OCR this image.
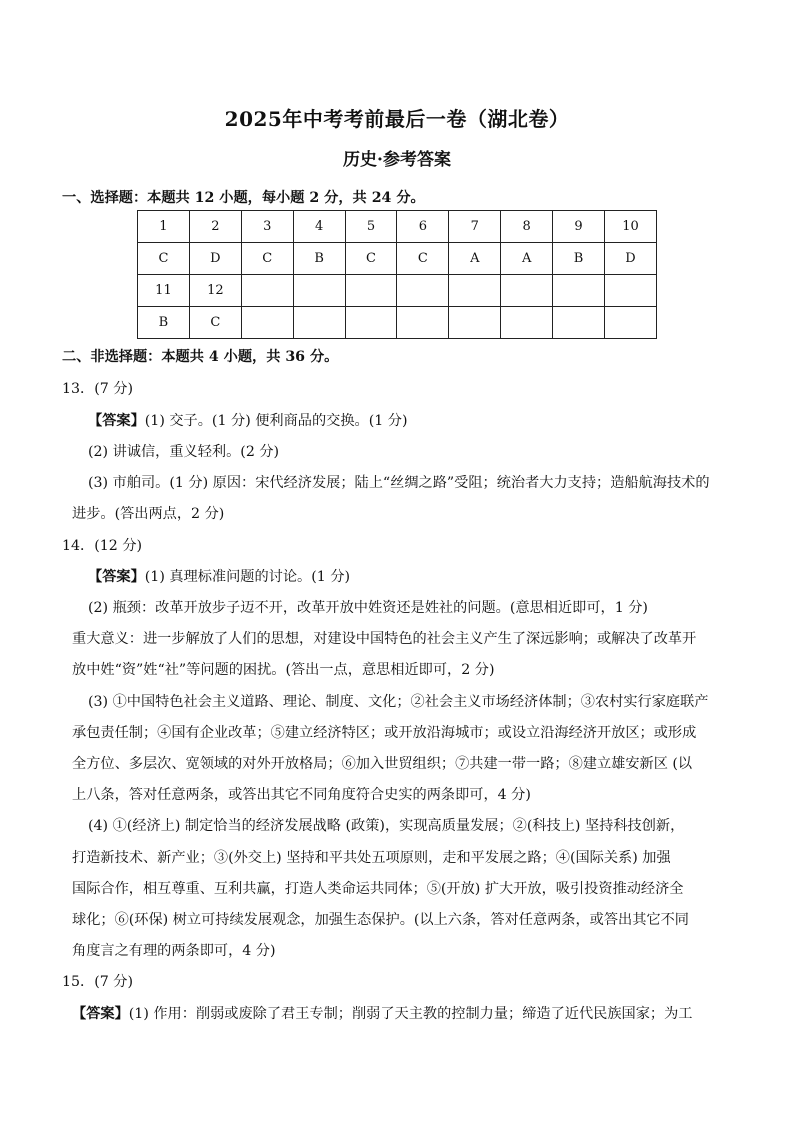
2025年中考考前最后一卷（湖北卷）
历史·参考答案
一、选择题：本题共 12 小题，每小题 2 分，共 24 分。
1	2	3	4	5	6	7	8	9	10
C	D	C	B	C	C	A	A	B	D
11	12								
B	C								
二、非选择题：本题共 4 小题，共 36 分。
13．(7 分)
【答案】(1) 交子。(1 分) 便利商品的交换。(1 分)
(2) 讲诚信，重义轻利。(2 分)
(3) 市舶司。(1 分) 原因：宋代经济发展；陆上“丝绸之路”受阻；统治者大力支持；造船航海技术的
进步。(答出两点，2 分)
14．(12 分)
【答案】(1) 真理标准问题的讨论。(1 分)
(2) 瓶颈：改革开放步子迈不开，改革开放中姓资还是姓社的问题。(意思相近即可，1 分)
重大意义：进一步解放了人们的思想，对建设中国特色的社会主义产生了深远影响；或解决了改革开
放中姓“资”姓“社”等问题的困扰。(答出一点，意思相近即可，2 分)
(3) ①中国特色社会主义道路、理论、制度、文化；②社会主义市场经济体制；③农村实行家庭联产
承包责任制；④国有企业改革；⑤建立经济特区；或开放沿海城市；或设立沿海经济开放区；或形成
全方位、多层次、宽领域的对外开放格局；⑥加入世贸组织；⑦共建一带一路；⑧建立雄安新区 (以
上八条，答对任意两条，或答出其它不同角度符合史实的两条即可，4 分)
(4) ①(经济上) 制定恰当的经济发展战略 (政策)，实现高质量发展；②(科技上) 坚持科技创新，
打造新技术、新产业；③(外交上) 坚持和平共处五项原则，走和平发展之路；④(国际关系) 加强
国际合作，相互尊重、互利共赢，打造人类命运共同体；⑤(开放) 扩大开放，吸引投资推动经济全
球化；⑥(环保) 树立可持续发展观念，加强生态保护。(以上六条，答对任意两条，或答出其它不同
角度言之有理的两条即可，4 分)
15．(7 分)
【答案】(1) 作用：削弱或废除了君王专制；削弱了天主教的控制力量；缔造了近代民族国家；为工
